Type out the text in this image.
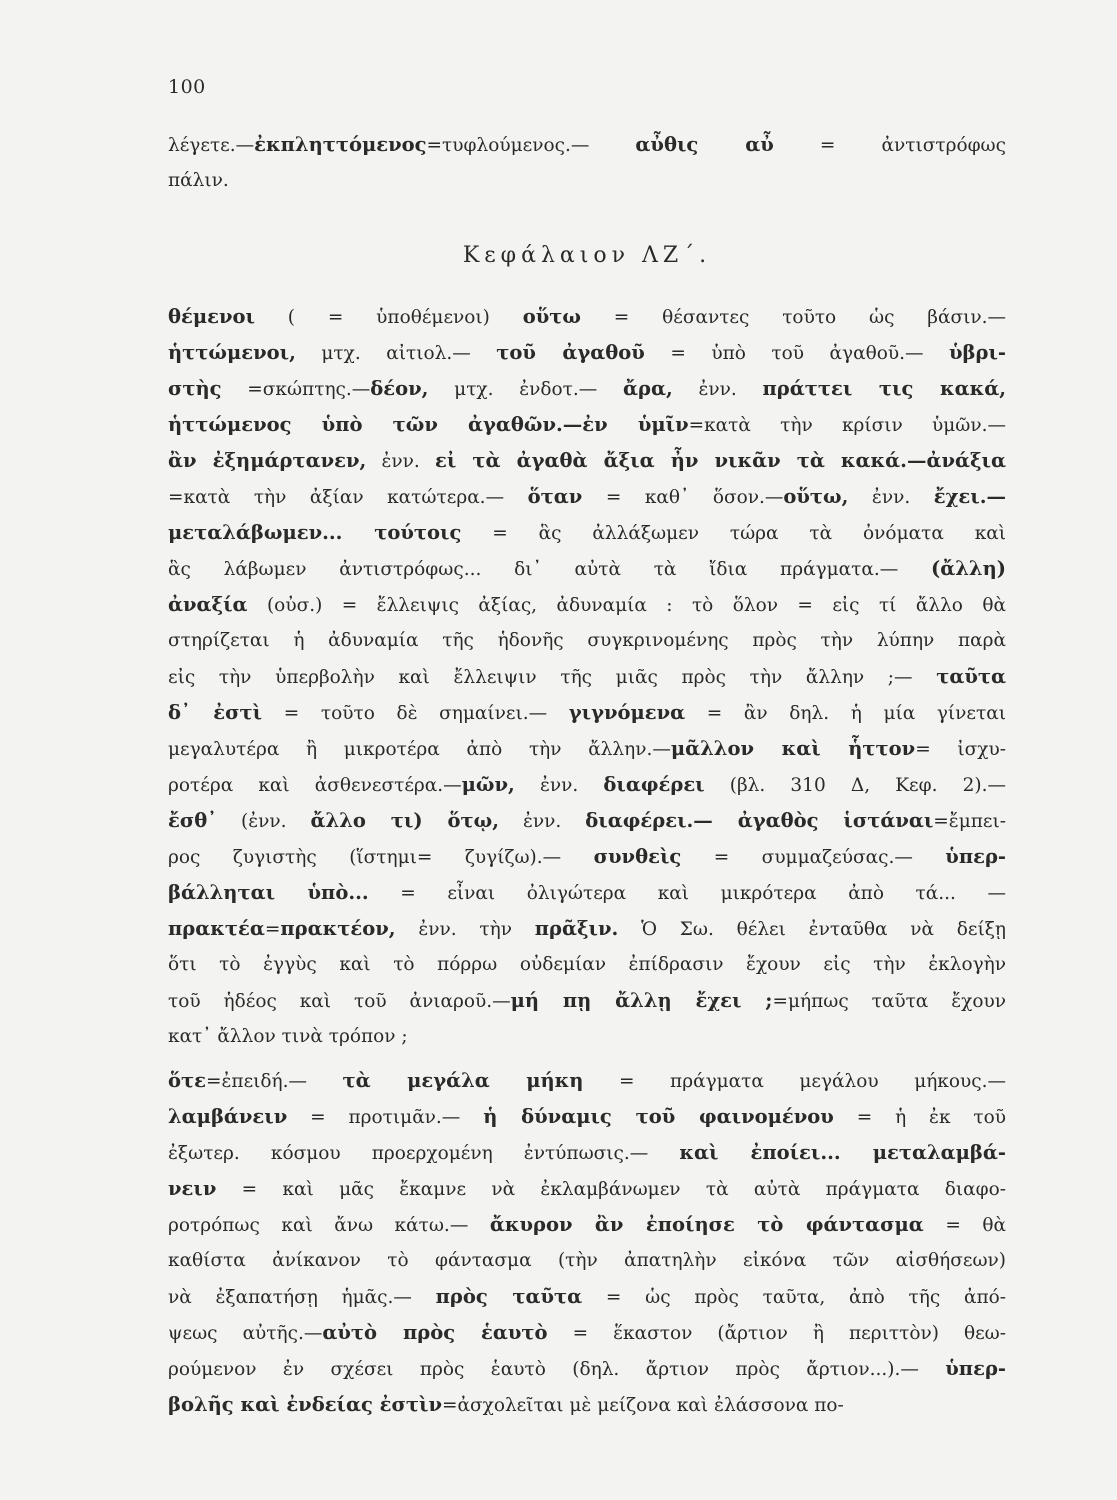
100
λέγετε.—ἐκπληττόμενος=τυφλούμενος.— αὖθις αὖ = ἀντιστρόφως
πάλιν.
Κεφάλαιον ΛΖ΄.
θέμενοι ( = ὑποθέμενοι) οὕτω = θέσαντες τοῦτο ὡς βάσιν.—
ἡττώμενοι, μτχ. αἰτιολ.— τοῦ ἀγαθοῦ = ὑπὸ τοῦ ἀγαθοῦ.— ὑβρι-
στὴς =σκώπτης.—δέον, μτχ. ἐνδοτ.— ἄρα, ἐνν. πράττει τις κακά,
ἡττώμενος ὑπὸ τῶν ἀγαθῶν.—ἐν ὑμῖν=κατὰ τὴν κρίσιν ὑμῶν.—
ἂν ἐξημάρτανεν, ἐνν. εἰ τὰ ἀγαθὰ ἄξια ἦν νικᾶν τὰ κακά.—ἀνάξια
=κατὰ τὴν ἀξίαν κατώτερα.— ὅταν = καθ᾽ ὅσον.—οὕτω, ἐνν. ἔχει.—
μεταλάβωμεν... τούτοις = ἃς ἀλλάξωμεν τώρα τὰ ὀνόματα καὶ
ἃς λάβωμεν ἀντιστρόφως... δι᾽ αὐτὰ τὰ ἴδια πράγματα.— (ἄλλη)
ἀναξία (οὐσ.) = ἔλλειψις ἀξίας, ἀδυναμία : τὸ ὅλον = εἰς τί ἄλλο θὰ
στηρίζεται ἡ ἀδυναμία τῆς ἡδονῆς συγκρινομένης πρὸς τὴν λύπην παρὰ
εἰς τὴν ὑπερβολὴν καὶ ἔλλειψιν τῆς μιᾶς πρὸς τὴν ἄλλην ;— ταῦτα
δ᾽ ἐστὶ = τοῦτο δὲ σημαίνει.— γιγνόμενα = ἂν δηλ. ἡ μία γίνεται
μεγαλυτέρα ἢ μικροτέρα ἀπὸ τὴν ἄλλην.—μᾶλλον καὶ ἧττον= ἰσχυ-
ροτέρα καὶ ἀσθενεστέρα.—μῶν, ἐνν. διαφέρει (βλ. 310 Δ, Κεφ. 2).—
ἔσθ᾽ (ἐνν. ἄλλο τι) ὅτῳ, ἐνν. διαφέρει.— ἀγαθὸς ἱστάναι=ἔμπει-
ρος ζυγιστὴς (ἵστημι= ζυγίζω).— συνθεὶς = συμμαζεύσας.— ὑπερ-
βάλληται ὑπὸ... = εἶναι ὀλιγώτερα καὶ μικρότερα ἀπὸ τά... —
πρακτέα=πρακτέον, ἐνν. τὴν πρᾶξιν. Ὁ Σω. θέλει ἐνταῦθα νὰ δείξῃ
ὅτι τὸ ἐγγὺς καὶ τὸ πόρρω οὐδεμίαν ἐπίδρασιν ἔχουν εἰς τὴν ἐκλογὴν
τοῦ ἡδέος καὶ τοῦ ἀνιαροῦ.—μή πῃ ἄλλῃ ἔχει ;=μήπως ταῦτα ἔχουν
κατ᾽ ἄλλον τινὰ τρόπον ;
ὅτε=ἐπειδή.— τὰ μεγάλα μήκη = πράγματα μεγάλου μήκους.—
λαμβάνειν = προτιμᾶν.— ἡ δύναμις τοῦ φαινομένου = ἡ ἐκ τοῦ
ἐξωτερ. κόσμου προερχομένη ἐντύπωσις.— καὶ ἐποίει... μεταλαμβά-
νειν = καὶ μᾶς ἔκαμνε νὰ ἐκλαμβάνωμεν τὰ αὐτὰ πράγματα διαφο-
ροτρόπως καὶ ἄνω κάτω.— ἄκυρον ἂν ἐποίησε τὸ φάντασμα = θὰ
καθίστα ἀνίκανον τὸ φάντασμα (τὴν ἀπατηλὴν εἰκόνα τῶν αἰσθήσεων)
νὰ ἐξαπατήσῃ ἡμᾶς.— πρὸς ταῦτα = ὡς πρὸς ταῦτα, ἀπὸ τῆς ἀπό-
ψεως αὐτῆς.—αὐτὸ πρὸς ἑαυτὸ = ἕκαστον (ἄρτιον ἢ περιττὸν) θεω-
ρούμενον ἐν σχέσει πρὸς ἑαυτὸ (δηλ. ἄρτιον πρὸς ἄρτιον...).— ὑπερ-
βολῆς καὶ ἐνδείας ἐστὶν=ἀσχολεῖται μὲ μείζονα καὶ ἐλάσσονα πο-
